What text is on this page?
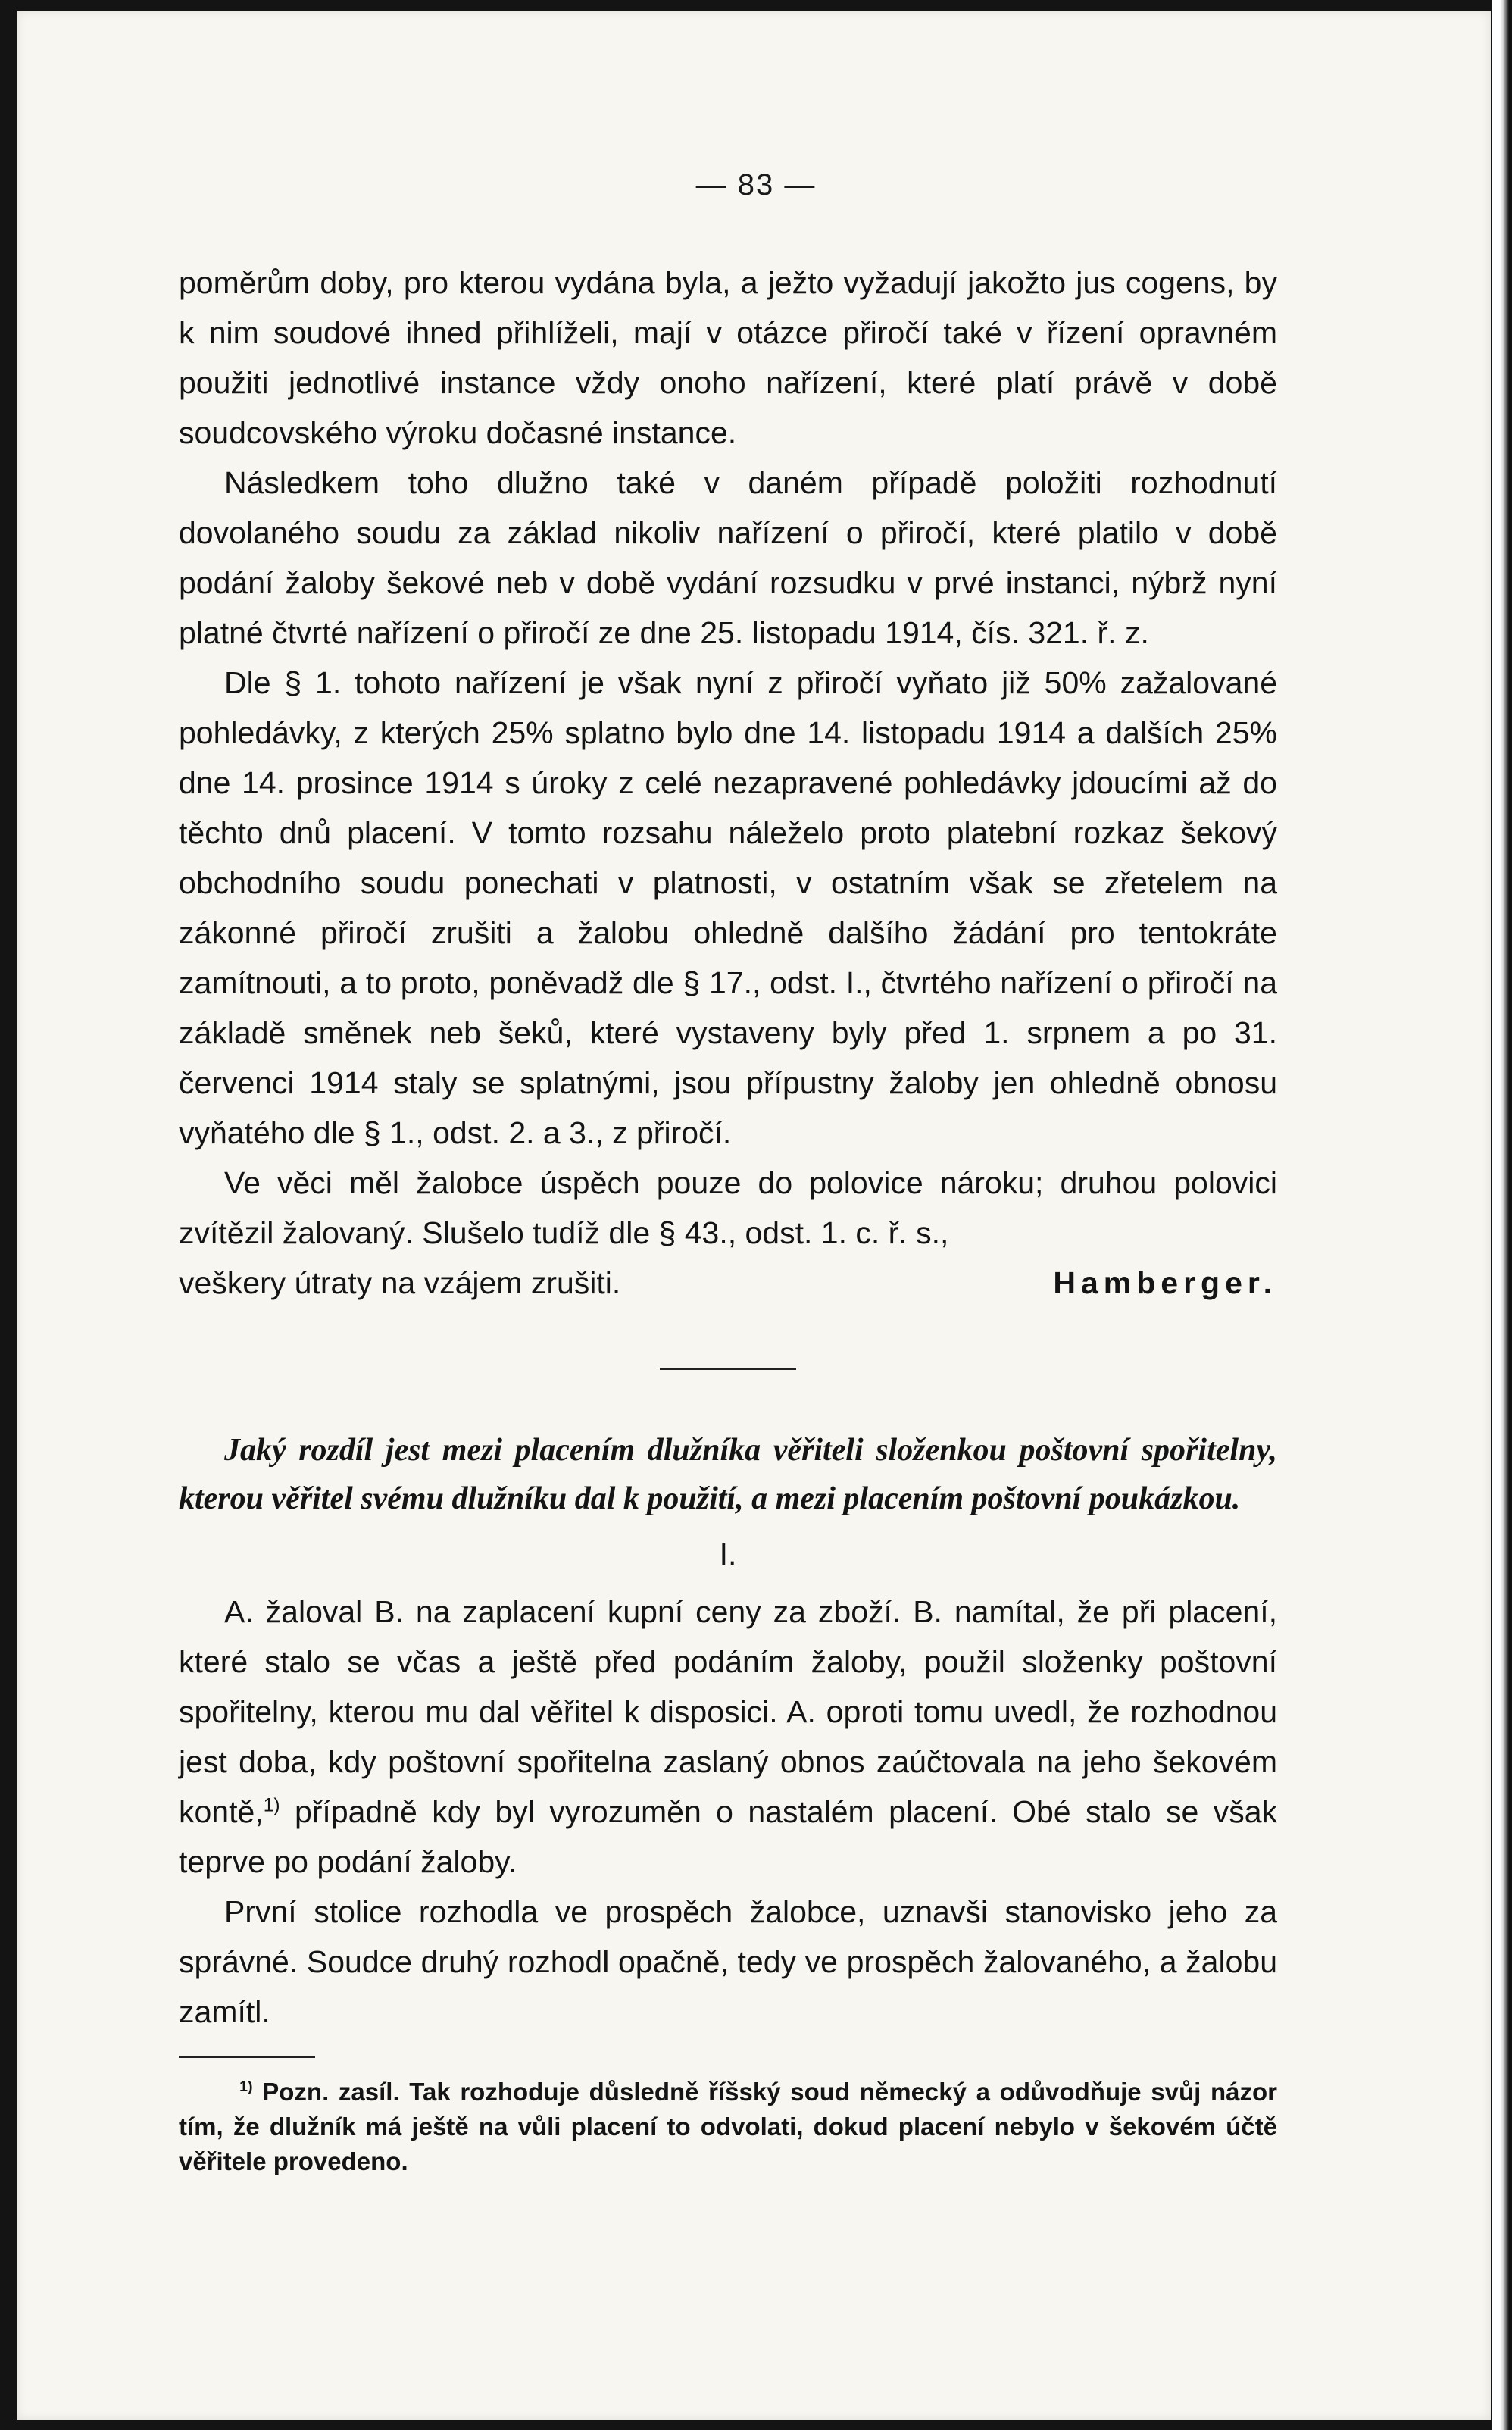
— 83 —

poměrům doby, pro kterou vydána byla, a ježto vyžadují jakožto jus cogens, by k nim soudové ihned přihlíželi, mají v otázce přiročí také v řízení opravném použiti jednotlivé instance vždy onoho nařízení, které platí právě v době soudcovského výroku dočasné instance.

Následkem toho dlužno také v daném případě položiti rozhodnutí dovolaného soudu za základ nikoliv nařízení o přiročí, které platilo v době podání žaloby šekové neb v době vydání rozsudku v prvé instanci, nýbrž nyní platné čtvrté nařízení o přiročí ze dne 25. listopadu 1914, čís. 321. ř. z.

Dle § 1. tohoto nařízení je však nyní z přiročí vyňato již 50% zažalované pohledávky, z kterých 25% splatno bylo dne 14. listopadu 1914 a dalších 25% dne 14. prosince 1914 s úroky z celé nezapravené pohledávky jdoucími až do těchto dnů placení. V tomto rozsahu náleželo proto platební rozkaz šekový obchodního soudu ponechati v platnosti, v ostatním však se zřetelem na zákonné přiročí zrušiti a žalobu ohledně dalšího žádání pro tentokráte zamítnouti, a to proto, poněvadž dle § 17., odst. I., čtvrtého nařízení o přiročí na základě směnek neb šeků, které vystaveny byly před 1. srpnem a po 31. červenci 1914 staly se splatnými, jsou přípustny žaloby jen ohledně obnosu vyňatého dle § 1., odst. 2. a 3., z přiročí.

Ve věci měl žalobce úspěch pouze do polovice nároku; druhou polovici zvítězil žalovaný. Slušelo tudíž dle § 43., odst. 1. c. ř. s.,

veškery útraty na vzájem zrušiti.	Hamberger.

Jaký rozdíl jest mezi placením dlužníka věřiteli složenkou poštovní spořitelny, kterou věřitel svému dlužníku dal k použití, a mezi placením poštovní poukázkou.

I.

A. žaloval B. na zaplacení kupní ceny za zboží. B. namítal, že při placení, které stalo se včas a ještě před podáním žaloby, použil složenky poštovní spořitelny, kterou mu dal věřitel k disposici. A. oproti tomu uvedl, že rozhodnou jest doba, kdy poštovní spořitelna zaslaný obnos zaúčtovala na jeho šekovém kontě,$^{1)}$ případně kdy byl vyrozuměn o nastalém placení. Obé stalo se však teprve po podání žaloby.

První stolice rozhodla ve prospěch žalobce, uznavši stanovisko jeho za správné. Soudce druhý rozhodl opačně, tedy ve prospěch žalovaného, a žalobu zamítl.

$^{1)}$ Pozn. zasíl. Tak rozhoduje důsledně říšský soud německý a odůvodňuje svůj názor tím, že dlužník má ještě na vůli placení to odvolati, dokud placení nebylo v šekovém účtě věřitele provedeno.
